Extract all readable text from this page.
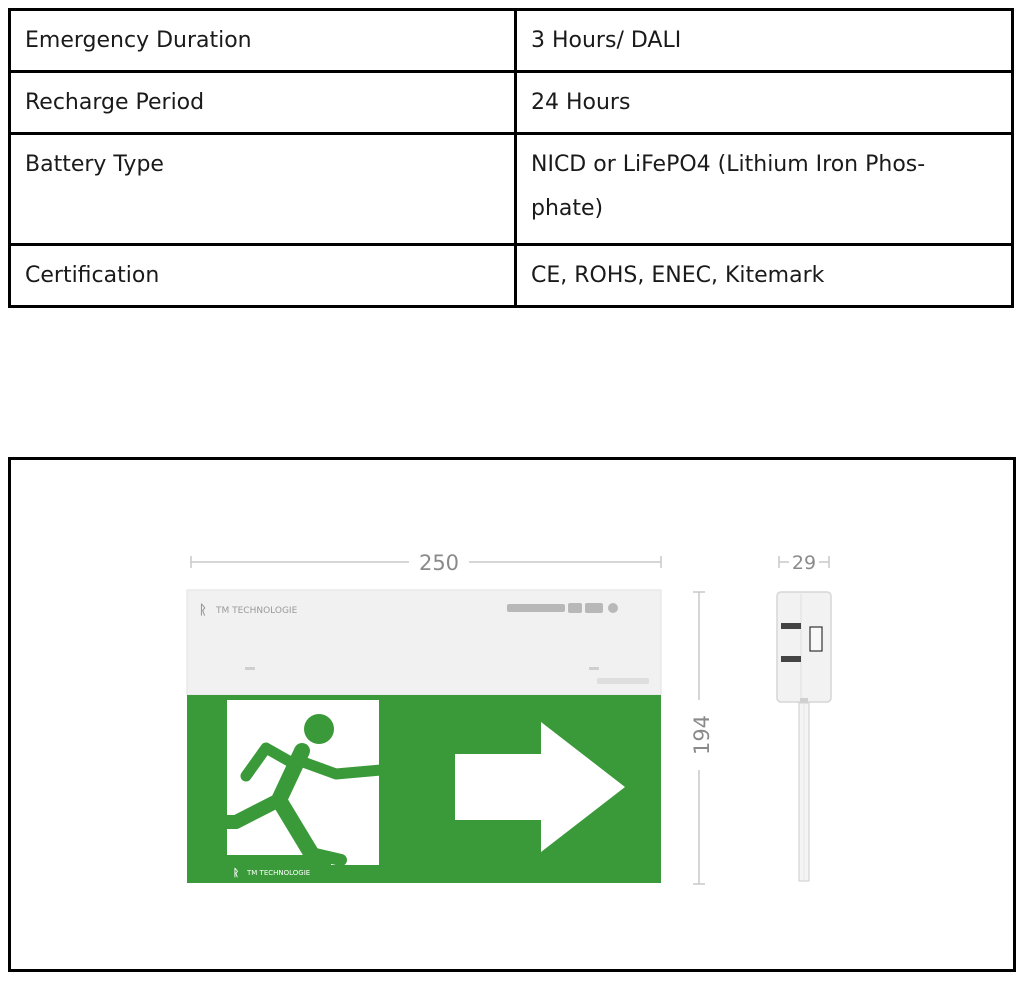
Emergency Duration	3 Hours/ DALI
Recharge Period	24 Hours
Battery Type	NICD or LiFePO4 (Lithium Iron Phos-
phate)
Certification	CE, ROHS, ENEC, Kitemark
250
ᚱ TM TECHNOLOGIE
ᚱ TM TECHNOLOGIE
194
29
